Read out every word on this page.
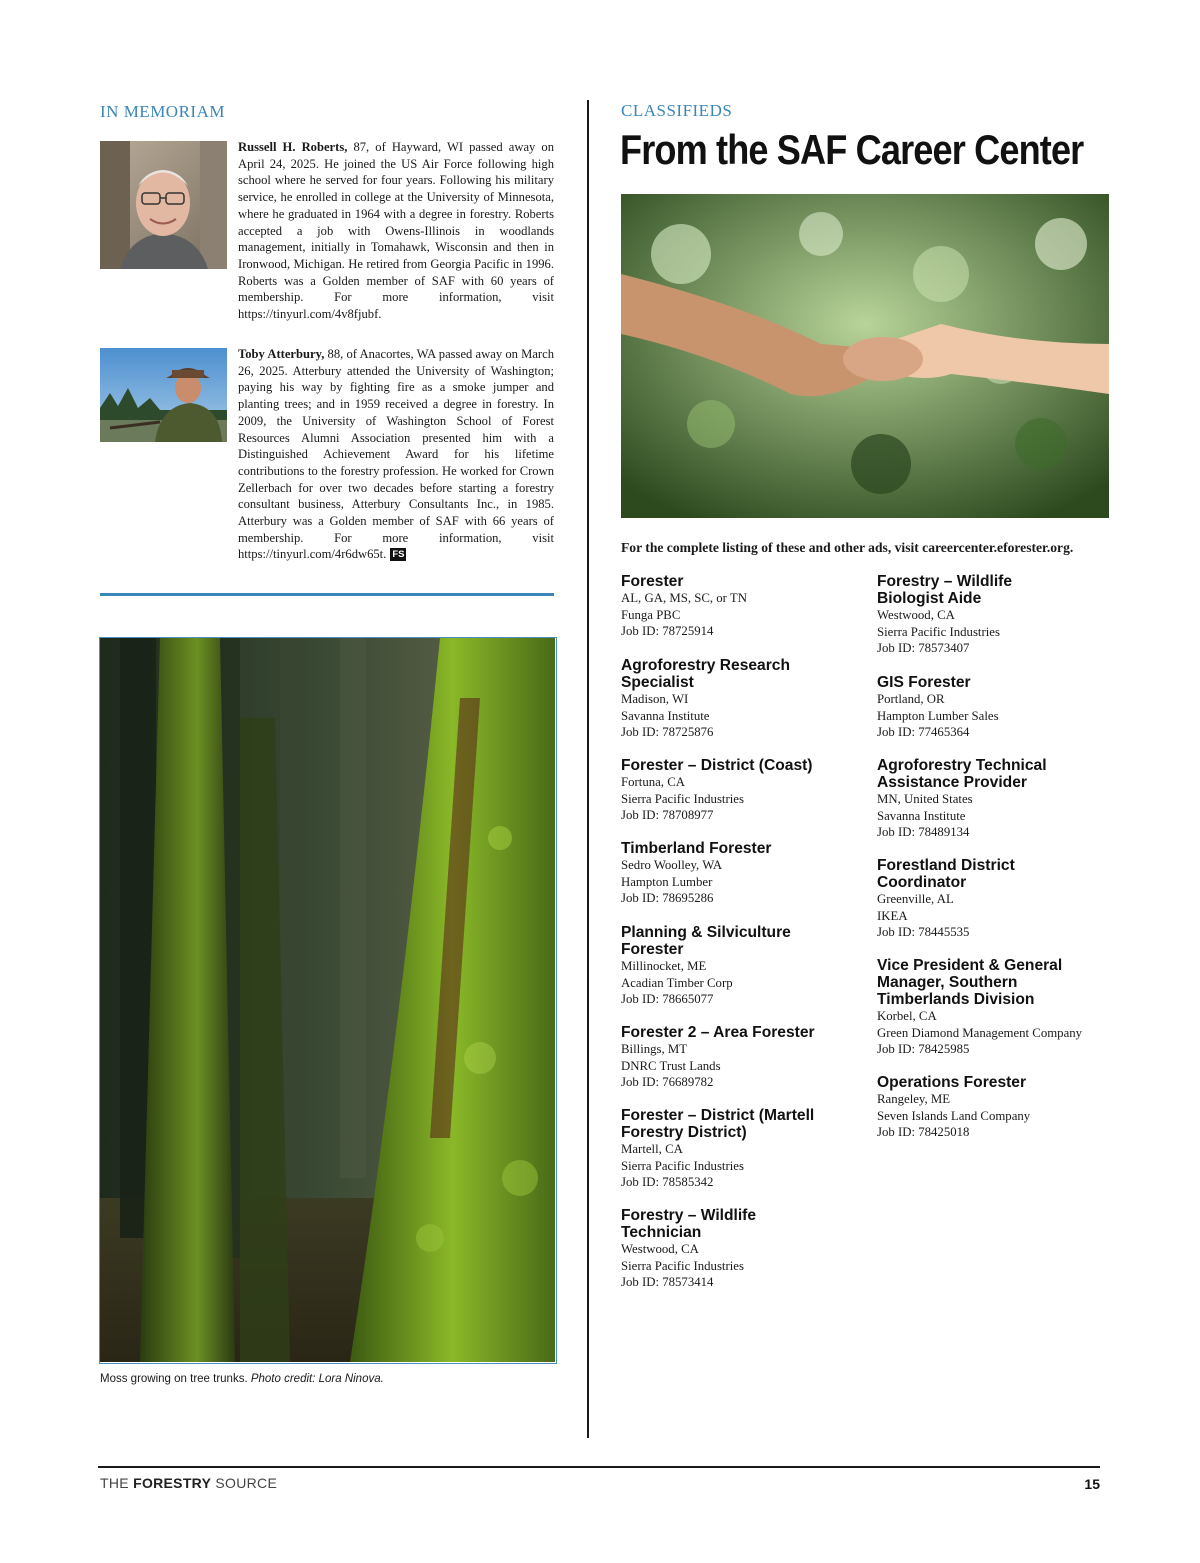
IN MEMORIAM
Russell H. Roberts, 87, of Hayward, WI passed away on April 24, 2025. He joined the US Air Force following high school where he served for four years. Following his military service, he enrolled in college at the University of Minnesota, where he graduated in 1964 with a degree in forestry. Roberts accepted a job with Owens-Illinois in woodlands management, initially in Tomahawk, Wisconsin and then in Ironwood, Michigan. He retired from Georgia Pacific in 1996. Roberts was a Golden member of SAF with 60 years of membership. For more information, visit https://tinyurl.com/4v8fjubf.
Toby Atterbury, 88, of Anacortes, WA passed away on March 26, 2025. Atterbury attended the University of Washington; paying his way by fighting fire as a smoke jumper and planting trees; and in 1959 received a degree in forestry. In 2009, the University of Washington School of Forest Resources Alumni Association presented him with a Distinguished Achievement Award for his lifetime contributions to the forestry profession. He worked for Crown Zellerbach for over two decades before starting a forestry consultant business, Atterbury Consultants Inc., in 1985. Atterbury was a Golden member of SAF with 66 years of membership. For more information, visit https://tinyurl.com/4r6dw65t. FS
Moss growing on tree trunks. Photo credit: Lora Ninova.
CLASSIFIEDS
From the SAF Career Center
For the complete listing of these and other ads, visit careercenter.eforester.org.
Forester
AL, GA, MS, SC, or TN
Funga PBC
Job ID: 78725914
Agroforestry Research Specialist
Madison, WI
Savanna Institute
Job ID: 78725876
Forester – District (Coast)
Fortuna, CA
Sierra Pacific Industries
Job ID: 78708977
Timberland Forester
Sedro Woolley, WA
Hampton Lumber
Job ID: 78695286
Planning & Silviculture Forester
Millinocket, ME
Acadian Timber Corp
Job ID: 78665077
Forester 2 – Area Forester
Billings, MT
DNRC Trust Lands
Job ID: 76689782
Forester – District (Martell Forestry District)
Martell, CA
Sierra Pacific Industries
Job ID: 78585342
Forestry – Wildlife Technician
Westwood, CA
Sierra Pacific Industries
Job ID: 78573414
Forestry – Wildlife Biologist Aide
Westwood, CA
Sierra Pacific Industries
Job ID: 78573407
GIS Forester
Portland, OR
Hampton Lumber Sales
Job ID: 77465364
Agroforestry Technical Assistance Provider
MN, United States
Savanna Institute
Job ID: 78489134
Forestland District Coordinator
Greenville, AL
IKEA
Job ID: 78445535
Vice President & General Manager, Southern Timberlands Division
Korbel, CA
Green Diamond Management Company
Job ID: 78425985
Operations Forester
Rangeley, ME
Seven Islands Land Company
Job ID: 78425018
THE FORESTRY SOURCE	15
